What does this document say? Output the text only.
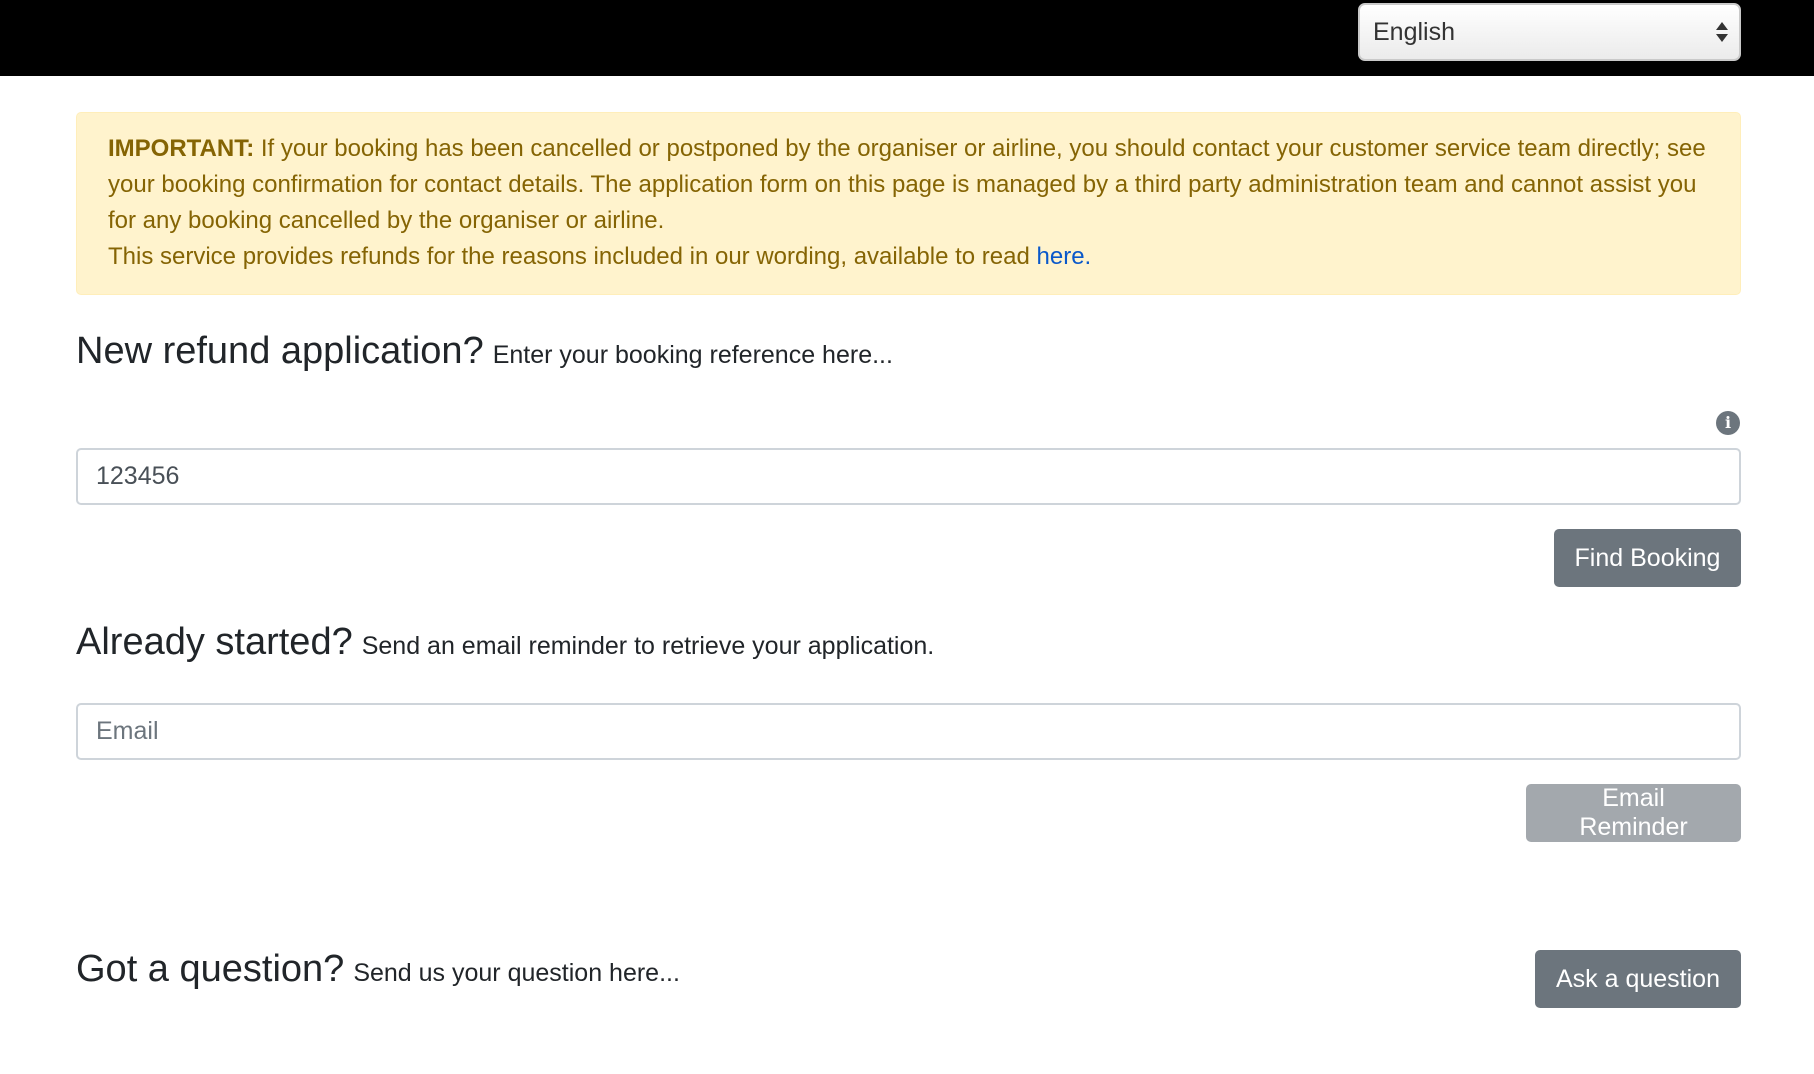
English
IMPORTANT: If your booking has been cancelled or postponed by the organiser or airline, you should contact your customer service team directly; see your booking confirmation for contact details. The application form on this page is managed by a third party administration team and cannot assist you for any booking cancelled by the organiser or airline.
This service provides refunds for the reasons included in our wording, available to read here.
New refund application? Enter your booking reference here...
i
123456
Find Booking
Already started? Send an email reminder to retrieve your application.
Email
Email Reminder
Got a question? Send us your question here...	Ask a question
